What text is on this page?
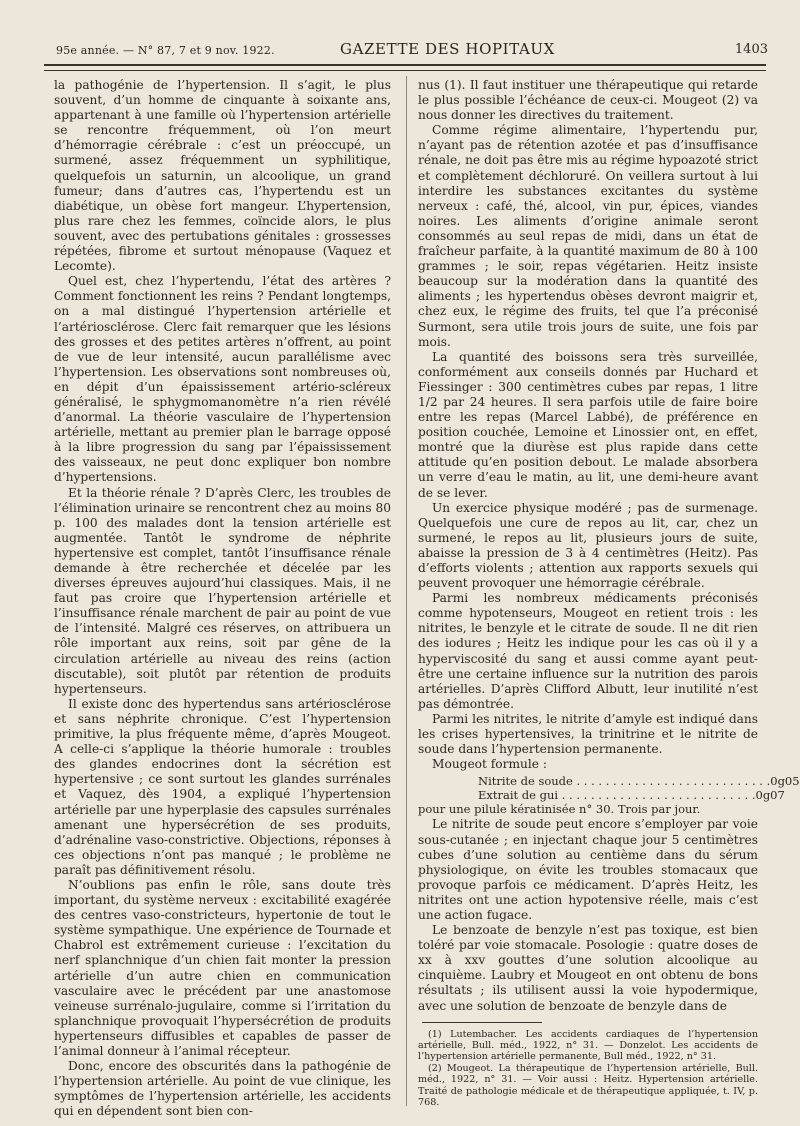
95e année. — N° 87, 7 et 9 nov. 1922.	GAZETTE DES HOPITAUX	1403

la pathogénie de l’hypertension. Il s’agit, le plus souvent, d’un homme de cinquante à soixante ans, appartenant à une famille où l’hypertension artérielle se rencontre fréquemment, où l’on meurt d’hémorragie cérébrale : c’est un préoccupé, un surmené, assez fréquemment un syphilitique, quelquefois un saturnin, un alcoolique, un grand fumeur; dans d’autres cas, l’hypertendu est un diabétique, un obèse fort mangeur. L’hypertension, plus rare chez les femmes, coïncide alors, le plus souvent, avec des pertubations génitales : grossesses répétées, fibrome et surtout ménopause (Vaquez et Lecomte).

Quel est, chez l’hypertendu, l’état des artères ? Comment fonctionnent les reins ? Pendant longtemps, on a mal distingué l’hypertension artérielle et l’artériosclérose. Clerc fait remarquer que les lésions des grosses et des petites artères n’offrent, au point de vue de leur intensité, aucun parallélisme avec l’hypertension. Les observations sont nombreuses où, en dépit d’un épaississement artério-scléreux généralisé, le sphygmomanomètre n’a rien révélé d’anormal. La théorie vasculaire de l’hypertension artérielle, mettant au premier plan le barrage opposé à la libre progression du sang par l’épaississement des vaisseaux, ne peut donc expliquer bon nombre d’hypertensions.

Et la théorie rénale ? D’après Clerc, les troubles de l’élimination urinaire se rencontrent chez au moins 80 p. 100 des malades dont la tension artérielle est augmentée. Tantôt le syndrome de néphrite hypertensive est complet, tantôt l’insuffisance rénale demande à être recherchée et décelée par les diverses épreuves aujourd’hui classiques. Mais, il ne faut pas croire que l’hypertension artérielle et l’insuffisance rénale marchent de pair au point de vue de l’intensité. Malgré ces réserves, on attribuera un rôle important aux reins, soit par gêne de la circulation artérielle au niveau des reins (action discutable), soit plutôt par rétention de produits hypertenseurs.

Il existe donc des hypertendus sans artériosclérose et sans néphrite chronique. C’est l’hypertension primitive, la plus fréquente même, d’après Mougeot. A celle-ci s’applique la théorie humorale : troubles des glandes endocrines dont la sécrétion est hypertensive ; ce sont surtout les glandes surrénales et Vaquez, dès 1904, a expliqué l’hypertension artérielle par une hyperplasie des capsules surrénales amenant une hypersécrétion de ses produits, d’adrénaline vaso-constrictive. Objections, réponses à ces objections n’ont pas manqué ; le problème ne paraît pas définitivement résolu.

N’oublions pas enfin le rôle, sans doute très important, du système nerveux : excitabilité exagérée des centres vaso-constricteurs, hypertonie de tout le système sympathique. Une expérience de Tournade et Chabrol est extrêmement curieuse : l’excitation du nerf splanchnique d’un chien fait monter la pression artérielle d’un autre chien en communication vasculaire avec le précédent par une anastomose veineuse surrénalo-jugulaire, comme si l’irritation du splanchnique provoquait l’hypersécrétion de produits hypertenseurs diffusibles et capables de passer de l’animal donneur à l’animal récepteur.

Donc, encore des obscurités dans la pathogénie de l’hypertension artérielle. Au point de vue clinique, les symptômes de l’hypertension artérielle, les accidents qui en dépendent sont bien con-

nus (1). Il faut instituer une thérapeutique qui retarde le plus possible l’échéance de ceux-ci. Mougeot (2) va nous donner les directives du traitement.

Comme régime alimentaire, l’hypertendu pur, n’ayant pas de rétention azotée et pas d’insuffisance rénale, ne doit pas être mis au régime hypoazoté strict et complètement déchloruré. On veillera surtout à lui interdire les substances excitantes du système nerveux : café, thé, alcool, vin pur, épices, viandes noires. Les aliments d’origine animale seront consommés au seul repas de midi, dans un état de fraîcheur parfaite, à la quantité maximum de 80 à 100 grammes ; le soir, repas végétarien. Heitz insiste beaucoup sur la modération dans la quantité des aliments ; les hypertendus obèses devront maigrir et, chez eux, le régime des fruits, tel que l’a préconisé Surmont, sera utile trois jours de suite, une fois par mois.

La quantité des boissons sera très surveillée, conformément aux conseils donnés par Huchard et Fiessinger : 300 centimètres cubes par repas, 1 litre 1/2 par 24 heures. Il sera parfois utile de faire boire entre les repas (Marcel Labbé), de préférence en position couchée, Lemoine et Linossier ont, en effet, montré que la diurèse est plus rapide dans cette attitude qu’en position debout. Le malade absorbera un verre d’eau le matin, au lit, une demi-heure avant de se lever.

Un exercice physique modéré ; pas de surmenage. Quelquefois une cure de repos au lit, car, chez un surmené, le repos au lit, plusieurs jours de suite, abaisse la pression de 3 à 4 centimètres (Heitz). Pas d’efforts violents ; attention aux rapports sexuels qui peuvent provoquer une hémorragie cérébrale.

Parmi les nombreux médicaments préconisés comme hypotenseurs, Mougeot en retient trois : les nitrites, le benzyle et le citrate de soude. Il ne dit rien des iodures ; Heitz les indique pour les cas où il y a hyperviscosité du sang et aussi comme ayant peut-être une certaine influence sur la nutrition des parois artérielles. D’après Clifford Albutt, leur inutilité n’est pas démontrée.

Parmi les nitrites, le nitrite d’amyle est indiqué dans les crises hypertensives, la trinitrine et le nitrite de soude dans l’hypertension permanente.

Mougeot formule :

Nitrite de soude . . . . . . . . . . . . . . . . . . . . . . . . . . . 0g05
Extrait de gui . . . . . . . . . . . . . . . . . . . . . . . . . . . 0g07

pour une pilule kératinisée n° 30. Trois par jour.

Le nitrite de soude peut encore s’employer par voie sous-cutanée ; en injectant chaque jour 5 centimètres cubes d’une solution au centième dans du sérum physiologique, on évite les troubles stomacaux que provoque parfois ce médicament. D’après Heitz, les nitrites ont une action hypotensive réelle, mais c’est une action fugace.

Le benzoate de benzyle n’est pas toxique, est bien toléré par voie stomacale. Posologie : quatre doses de xx à xxv gouttes d’une solution alcoolique au cinquième. Laubry et Mougeot en ont obtenu de bons résultats ; ils utilisent aussi la voie hypodermique, avec une solution de benzoate de benzyle dans de

(1) Lutembacher. Les accidents cardiaques de l’hypertension artérielle, Bull. méd., 1922, n° 31. — Donzelot. Les accidents de l’hypertension artérielle permanente, Bull méd., 1922, n° 31.

(2) Mougeot. La thérapeutique de l’hypertension artérielle, Bull. méd., 1922, n° 31. — Voir aussi : Heitz. Hypertension artérielle. Traité de pathologie médicale et de thérapeutique appliquée, t. IV, p. 768.
